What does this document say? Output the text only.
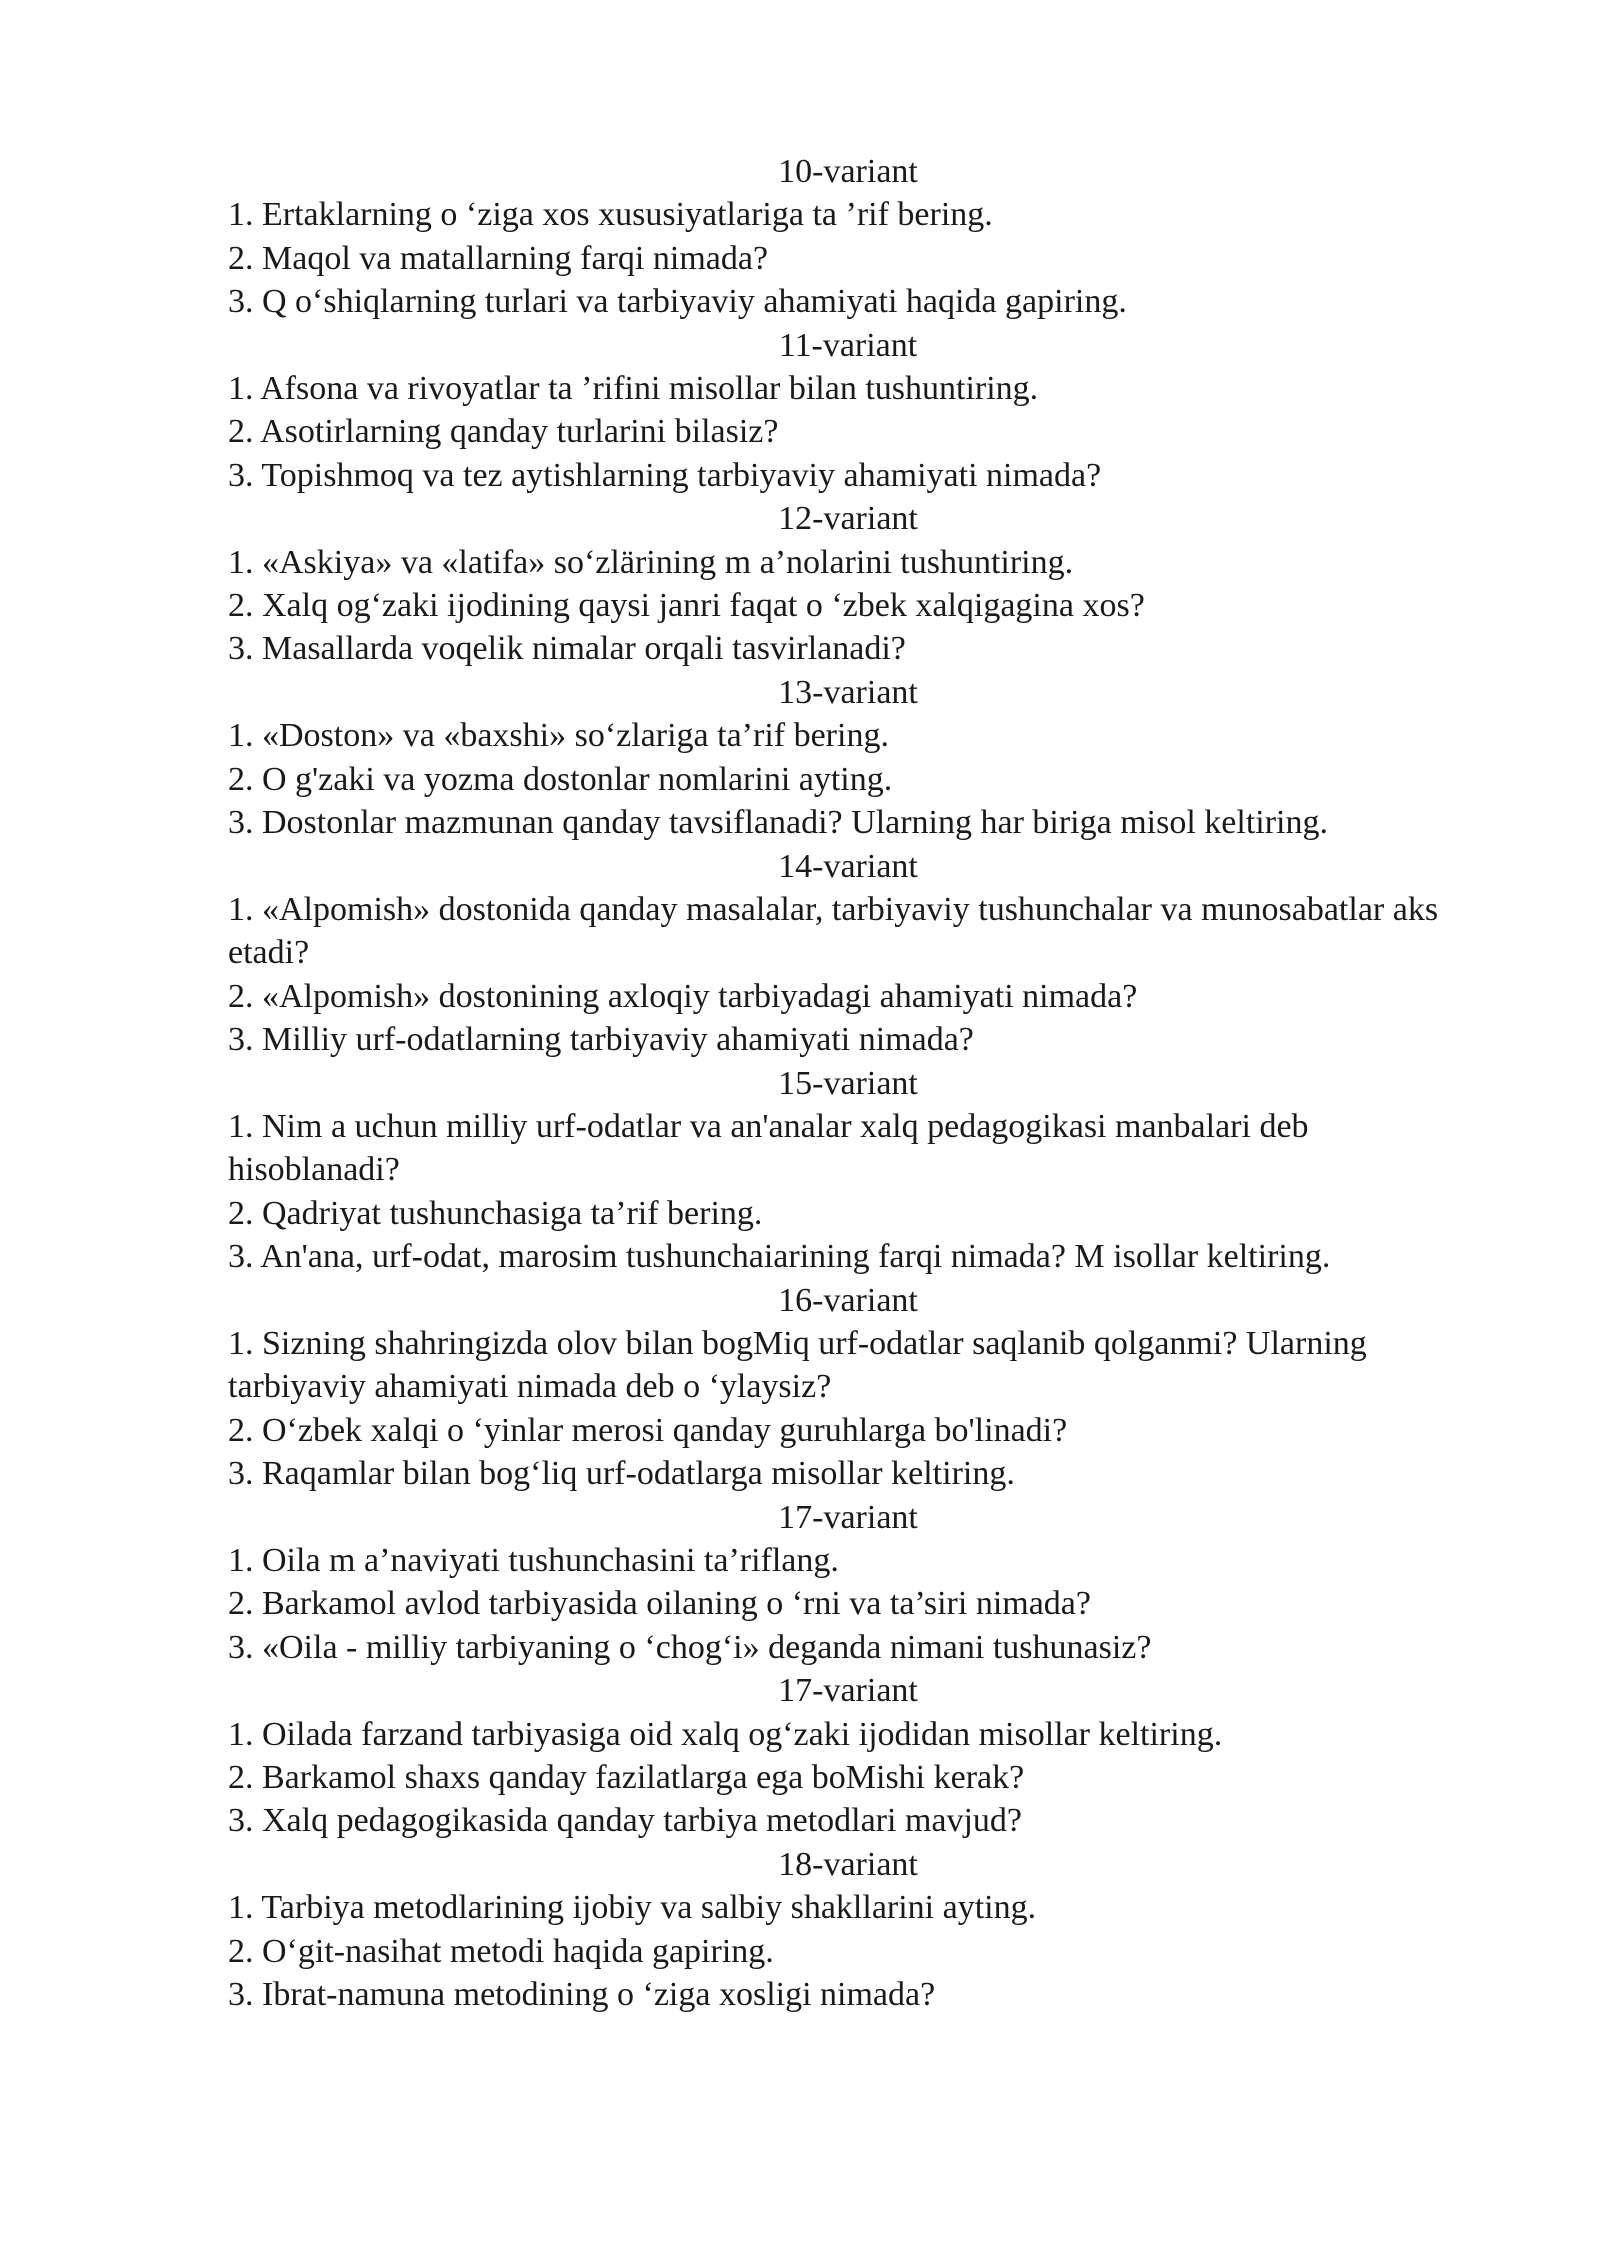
10-variant
1. Ertaklarning o ‘ziga xos xususiyatlariga ta ’rif bering.
2. Maqol va matallarning farqi nimada?
3. Q o‘shiqlarning turlari va tarbiyaviy ahamiyati haqida gapiring.
11-variant
1. Afsona va rivoyatlar ta ’rifini misollar bilan tushuntiring.
2. Asotirlarning qanday turlarini bilasiz?
3. Topishmoq va tez aytishlarning tarbiyaviy ahamiyati nimada?
12-variant
1. «Askiya» va «latifa» so‘zlärining m a’nolarini tushuntiring.
2. Xalq og‘zaki ijodining qaysi janri faqat o ‘zbek xalqigagina xos?
3. Masallarda voqelik nimalar orqali tasvirlanadi?
13-variant
1. «Doston» va «baxshi» so‘zlariga ta’rif bering.
2. O g'zaki va yozma dostonlar nomlarini ayting.
3. Dostonlar mazmunan qanday tavsiflanadi? Ularning har biriga misol keltiring.
14-variant
1. «Alpomish» dostonida qanday masalalar, tarbiyaviy tushunchalar va munosabatlar aks etadi?
2. «Alpomish» dostonining axloqiy tarbiyadagi ahamiyati nimada?
3. Milliy urf-odatlarning tarbiyaviy ahamiyati nimada?
15-variant
1. Nim a uchun milliy urf-odatlar va an'analar xalq pedagogikasi manbalari deb hisoblanadi?
2. Qadriyat tushunchasiga ta’rif bering.
3. An'ana, urf-odat, marosim tushunchaiarining farqi nimada? M isollar keltiring.
16-variant
1. Sizning shahringizda olov bilan bogMiq urf-odatlar saqlanib qolganmi? Ularning tarbiyaviy ahamiyati nimada deb o ‘ylaysiz?
2. O‘zbek xalqi o ‘yinlar merosi qanday guruhlarga bo'linadi?
3. Raqamlar bilan bog‘liq urf-odatlarga misollar keltiring.
17-variant
1. Oila m a’naviyati tushunchasini ta’riflang.
2. Barkamol avlod tarbiyasida oilaning o ‘rni va ta’siri nimada?
3. «Oila - milliy tarbiyaning o ‘chog‘i» deganda nimani tushunasiz?
17-variant
1. Oilada farzand tarbiyasiga oid xalq og‘zaki ijodidan misollar keltiring.
2. Barkamol shaxs qanday fazilatlarga ega boMishi kerak?
3. Xalq pedagogikasida qanday tarbiya metodlari mavjud?
18-variant
1. Tarbiya metodlarining ijobiy va salbiy shakllarini ayting.
2. O‘git-nasihat metodi haqida gapiring.
3. Ibrat-namuna metodining o ‘ziga xosligi nimada?
